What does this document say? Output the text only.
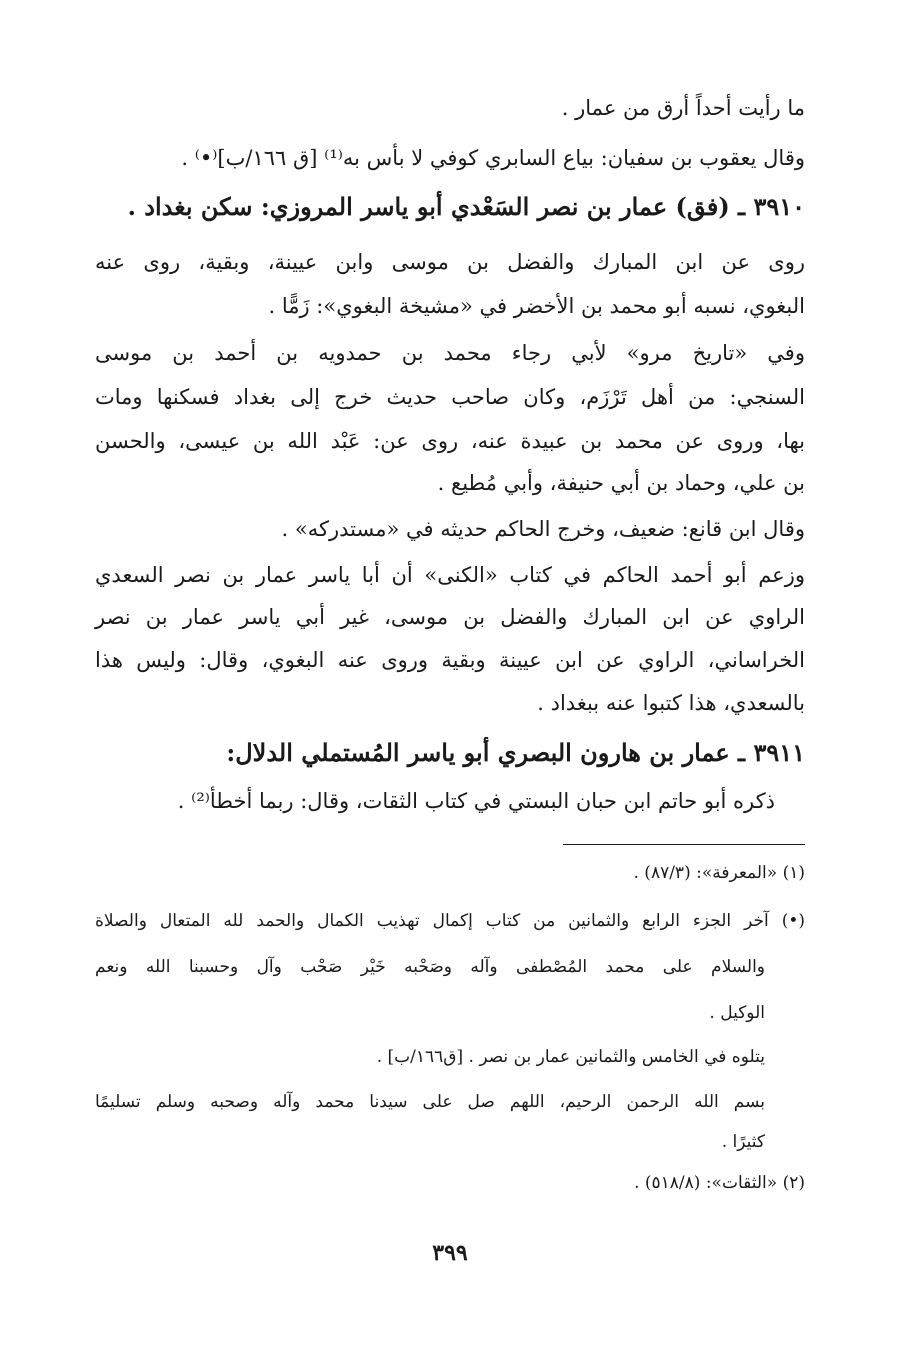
ما رأيت أحداً أرق من عمار .
وقال يعقوب بن سفيان: بياع السابري كوفي لا بأس به⁽¹⁾ [ق ١٦٦/ب]⁽•⁾ .
٣٩١٠ ـ (فق) عمار بن نصر السَعْدي أبو ياسر المروزي: سكن بغداد .
روى عن ابن المبارك والفضل بن موسى وابن عيينة، وبقية، روى عنه
البغوي، نسبه أبو محمد بن الأخضر في «مشيخة البغوي»: زَمًّا .
وفي «تاريخ مرو» لأبي رجاء محمد بن حمدويه بن أحمد بن موسى
السنجي: من أهل تَرْزَم، وكان صاحب حديث خرج إلى بغداد فسكنها ومات
بها، وروى عن محمد بن عبيدة عنه، روى عن: عَبْد الله بن عيسى، والحسن
بن علي، وحماد بن أبي حنيفة، وأبي مُطيع .
وقال ابن قانع: ضعيف، وخرج الحاكم حديثه في «مستدركه» .
وزعم أبو أحمد الحاكم في كتاب «الكنى» أن أبا ياسر عمار بن نصر السعدي
الراوي عن ابن المبارك والفضل بن موسى، غير أبي ياسر عمار بن نصر
الخراساني، الراوي عن ابن عيينة وبقية وروى عنه البغوي، وقال: وليس هذا
بالسعدي، هذا كتبوا عنه ببغداد .
٣٩١١ ـ عمار بن هارون البصري أبو ياسر المُستملي الدلال:
ذكره أبو حاتم ابن حبان البستي في كتاب الثقات، وقال: ربما أخطأ⁽²⁾ .
(١) «المعرفة»: (٨٧/٣) .
(•) آخر الجزء الرابع والثمانين من كتاب إكمال تهذيب الكمال والحمد لله المتعال والصلاة
والسلام على محمد المُصْطفى وآله وصَحْبه خَيْر صَحْب وآل وحسبنا الله ونعم
الوكيل .
يتلوه في الخامس والثمانين عمار بن نصر . [ق١٦٦/ب] .
بسم الله الرحمن الرحيم، اللهم صل على سيدنا محمد وآله وصحبه وسلم تسليمًا
كثيرًا .
(٢) «الثقات»: (٥١٨/٨) .
٣٩٩
